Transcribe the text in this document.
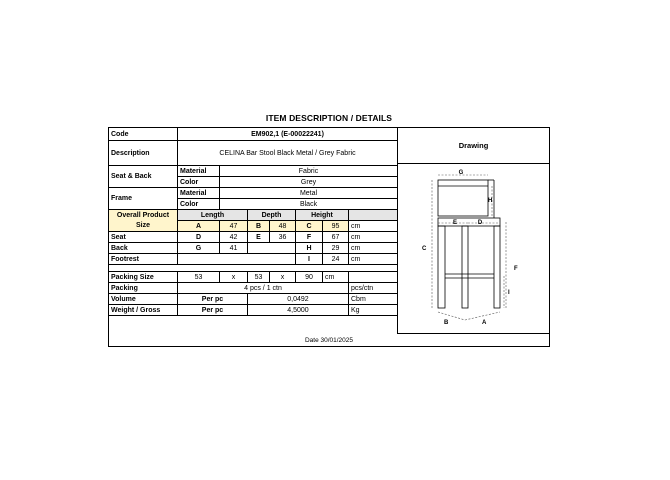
ITEM DESCRIPTION / DETAILS
Code	EM902,1 (E-00022241)						
Description	CELINA Bar Stool Black Metal / Grey Fabric						
Seat & Back	Material	Fabric					
	Color	Grey					
Frame	Material	Metal					
	Color	Black					
Overall Product Size	Length		Depth		Height		
	A	47	B	48	C	95	cm
Seat	D	42	E	36	F	67	cm
Back	G	41			H	29	cm
Footrest					I	24	cm

Packing Size	53	x	53	x	90	cm	
Packing	4 pcs / 1 ctn						pcs/ctn
Volume	Per pc		0,0492				Cbm
Weight / Gross	Per pc		4,5000				Kg
Drawing
G
H
E	D
C
F
I
B	A
Date 30/01/2025
